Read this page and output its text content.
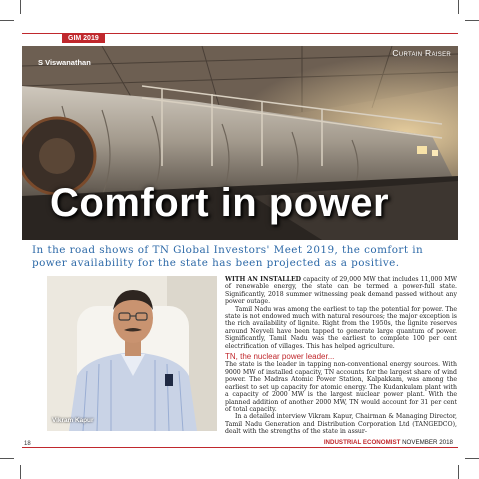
GIM 2019
S Viswanathan
Curtain Raiser
Comfort in power
In the road shows of TN Global Investors' Meet 2019, the comfort in power availability for the state has been projected as a positive.
Vikram Kapur

WITH AN INSTALLED capacity of 29,000 MW that includes 11,000 MW of renewable energy, the state can be termed a power-full state. Significantly, 2018 summer witnessing peak demand passed without any power outage.

Tamil Nadu was among the earliest to tap the potential for power. The state is not endowed much with natural resources; the major exception is the rich availability of lignite. Right from the 1950s, the lignite reserves around Neyveli have been tapped to generate large quantum of power. Significantly, Tamil Nadu was the earliest to complete 100 per cent electrification of villages. This has helped agriculture.

TN, the nuclear power leader...

The state is the leader in tapping non-conventional energy sources. With 9000 MW of installed capacity, TN accounts for the largest share of wind power. The Madras Atomic Power Station, Kalpakkam, was among the earliest to set up capacity for atomic energy. The Kudankulam plant with a capacity of 2000 MW is the largest nuclear power plant. With the planned addition of another 2000 MW, TN would account for 31 per cent of total capacity.

In a detailed interview Vikram Kapur, Chairman & Managing Director, Tamil Nadu Generation and Distribution Corporation Ltd (TANGEDCO), dealt with the strengths of the state in assur-

18	INDUSTRIAL ECONOMIST NOVEMBER 2018
